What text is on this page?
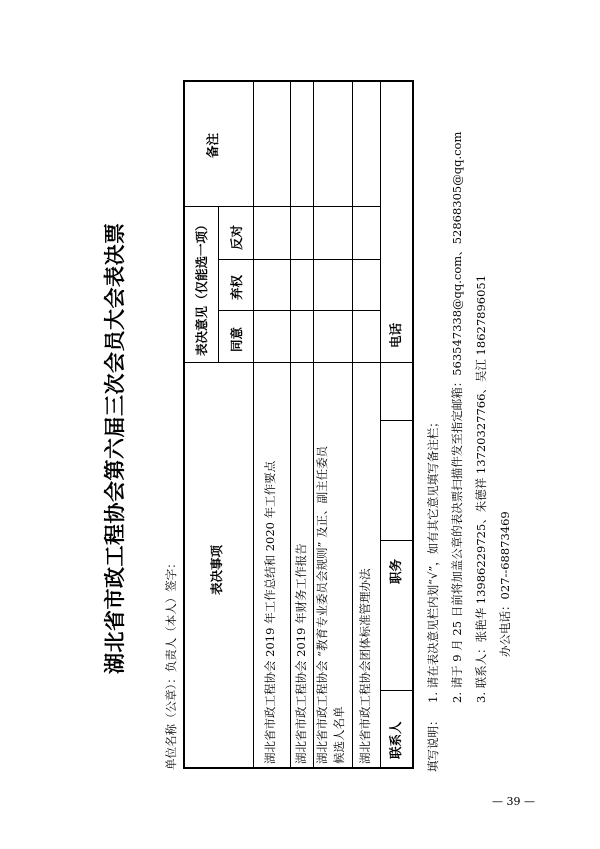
湖北省市政工程协会第六届三次会员大会表决票	单位名称（公章）：负责人（本人）签字： 表决事项
表决意见（仅能选一项） 同意
弃权
反对
备注
湖北省市政工程协会 2019 年工作总结和 2020 年工作要点 湖北省市政工程协会 2019 年财务工作报告 湖北省市政工程协会 “教育专业委员会规则” 及正、副主任委员 候选人名单 湖北省市政工程协会团体标准管理办法 联系人
职务
电话
填写说明：
1. 请在表决意见栏内划“√”，如有其它意见填写备注栏； 2. 请于 9 月 25 日前将加盖公章的表决票扫描件发至指定邮箱：563547338@qq.com、52868305@qq.com 3. 联系人：张艳华 13986229725、朱德祥 13720327766、吴江 18627896051 办公电话：027--68873469
— 39 —
